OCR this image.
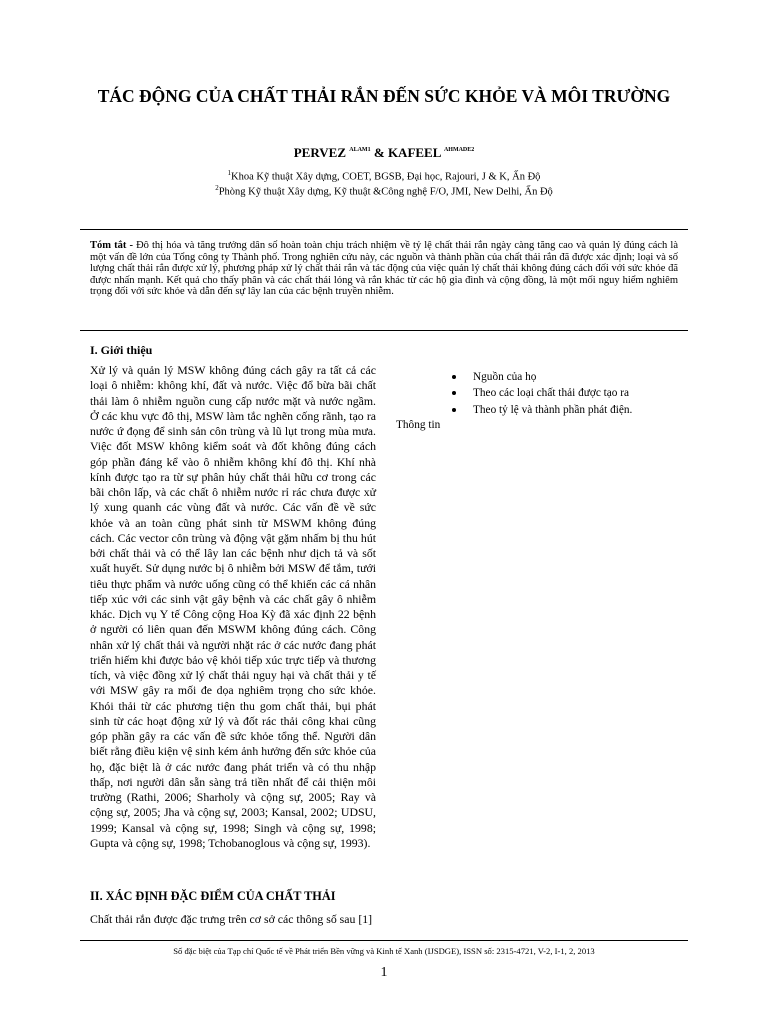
TÁC ĐỘNG CỦA CHẤT THẢI RẮN ĐẾN SỨC KHỎE VÀ MÔI TRƯỜNG
PERVEZ $^{ALAM1}$ & KAFEEL $^{AHMADE2}$
$^1$Khoa Kỹ thuật Xây dựng, COET, BGSB, Đại học, Rajouri, J & K, Ấn Độ
$^2$Phòng Kỹ thuật Xây dựng, Kỹ thuật &Công nghệ F/O, JMI, New Delhi, Ấn Độ
Tóm tắt - Đô thị hóa và tăng trưởng dân số hoàn toàn chịu trách nhiệm về tỷ lệ chất thải rắn ngày càng tăng cao và quản lý đúng cách là một vấn đề lớn của Tổng công ty Thành phố. Trong nghiên cứu này, các nguồn và thành phần của chất thải rắn đã được xác định; loại và số lượng chất thải rắn được xử lý, phương pháp xử lý chất thải rắn và tác động của việc quản lý chất thải không đúng cách đối với sức khỏe đã được nhấn mạnh. Kết quả cho thấy phân và các chất thải lỏng và rắn khác từ các hộ gia đình và cộng đồng, là một mối nguy hiểm nghiêm trọng đối với sức khỏe và dẫn đến sự lây lan của các bệnh truyền nhiễm.
I. Giới thiệu
Xử lý và quản lý MSW không đúng cách gây ra tất cả các loại ô nhiễm: không khí, đất và nước. Việc đổ bừa bãi chất thải làm ô nhiễm nguồn cung cấp nước mặt và nước ngầm. Ở các khu vực đô thị, MSW làm tắc nghẽn cống rãnh, tạo ra nước ứ đọng để sinh sản côn trùng và lũ lụt trong mùa mưa. Việc đốt MSW không kiểm soát và đốt không đúng cách góp phần đáng kể vào ô nhiễm không khí đô thị. Khí nhà kính được tạo ra từ sự phân hủy chất thải hữu cơ trong các bãi chôn lấp, và các chất ô nhiễm nước rỉ rác chưa được xử lý xung quanh các vùng đất và nước. Các vấn đề về sức khỏe và an toàn cũng phát sinh từ MSWM không đúng cách. Các vector côn trùng và động vật gặm nhấm bị thu hút bởi chất thải và có thể lây lan các bệnh như dịch tả và sốt xuất huyết. Sử dụng nước bị ô nhiễm bởi MSW để tắm, tưới tiêu thực phẩm và nước uống cũng có thể khiến các cá nhân tiếp xúc với các sinh vật gây bệnh và các chất gây ô nhiễm khác. Dịch vụ Y tế Công cộng Hoa Kỳ đã xác định 22 bệnh ở người có liên quan đến MSWM không đúng cách. Công nhân xử lý chất thải và người nhặt rác ở các nước đang phát triển hiếm khi được bảo vệ khỏi tiếp xúc trực tiếp và thương tích, và việc đồng xử lý chất thải nguy hại và chất thải y tế với MSW gây ra mối đe dọa nghiêm trọng cho sức khỏe. Khói thải từ các phương tiện thu gom chất thải, bụi phát sinh từ các hoạt động xử lý và đốt rác thải công khai cũng góp phần gây ra các vấn đề sức khỏe tổng thể. Người dân biết rằng điều kiện vệ sinh kém ảnh hưởng đến sức khỏe của họ, đặc biệt là ở các nước đang phát triển và có thu nhập thấp, nơi người dân sẵn sàng trả tiền nhất để cải thiện môi trường (Rathi, 2006; Sharholy và cộng sự, 2005; Ray và cộng sự, 2005; Jha và cộng sự, 2003; Kansal, 2002; UDSU, 1999; Kansal và cộng sự, 1998; Singh và cộng sự, 1998; Gupta và cộng sự, 1998; Tchobanoglous và cộng sự, 1993).
II. XÁC ĐỊNH ĐẶC ĐIỂM CỦA CHẤT THẢI
Chất thải rắn được đặc trưng trên cơ sở các thông số sau [1]
Nguồn của họ
Theo các loại chất thải được tạo ra
Theo tỷ lệ và thành phần phát điện.
Thông tin
Số đặc biệt của Tạp chí Quốc tế về Phát triển Bền vững và Kinh tế Xanh (IJSDGE), ISSN số: 2315-4721, V-2, I-1, 2, 2013
1
